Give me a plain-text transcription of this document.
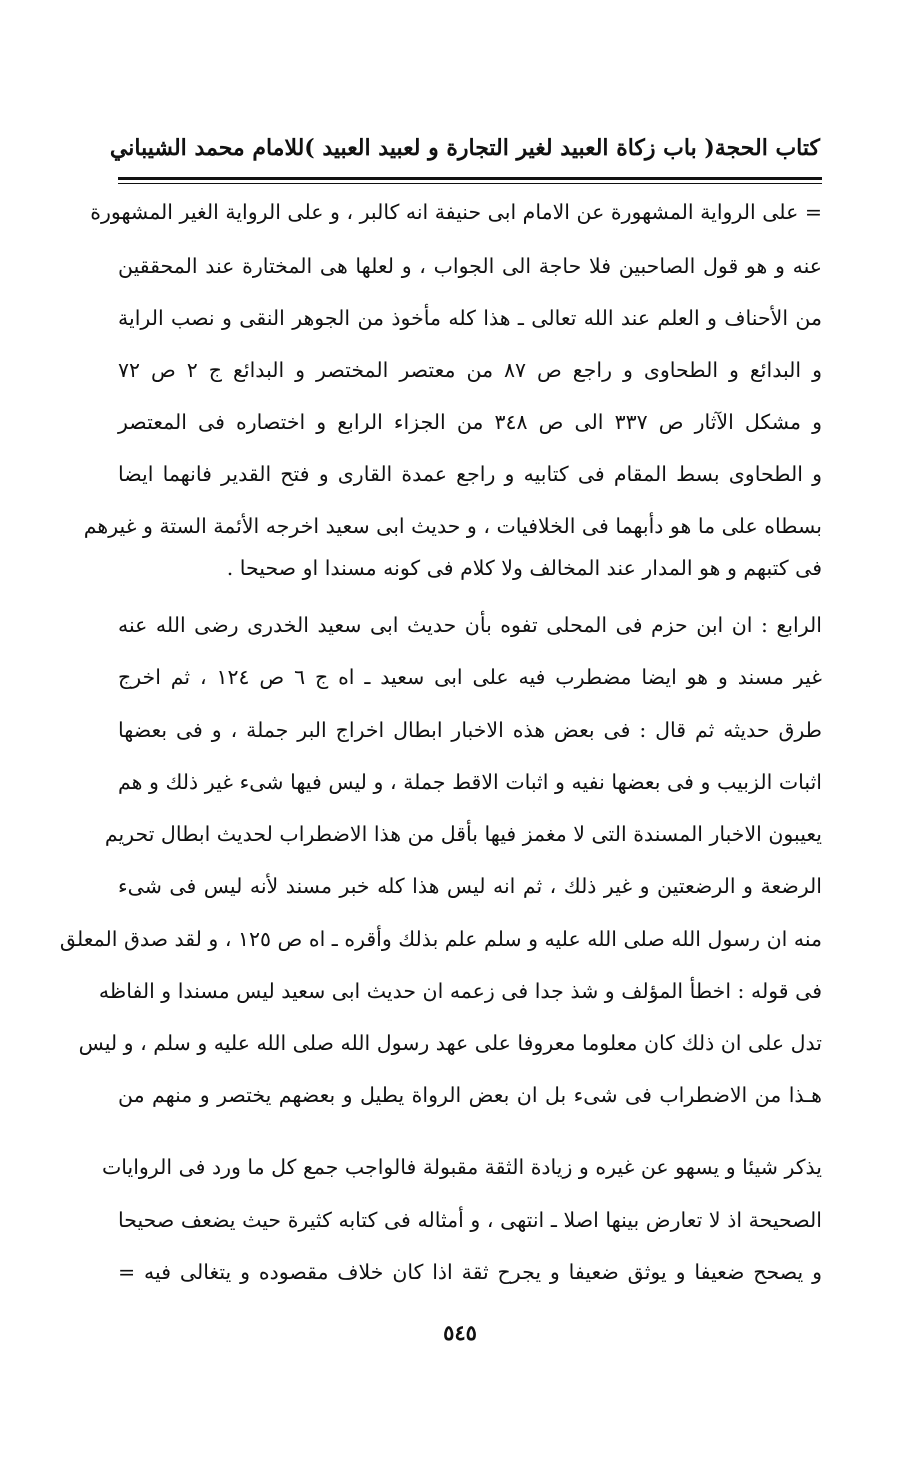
كتاب الحجة
( باب زكاة العبيد لغير التجارة و لعبيد العبيد )
للامام محمد الشيباني
= على الرواية المشهورة عن الامام ابى حنيفة انه كالبر ، و على الرواية الغير المشهورة
عنه و هو قول الصاحبين فلا حاجة الى الجواب ، و لعلها هى المختارة عند المحققين
من الأحناف و العلم عند الله تعالى ـ هذا كله مأخوذ من الجوهر النقى و نصب الراية
و البدائع و الطحاوى و راجع ص ٨٧ من معتصر المختصر و البدائع ج ٢ ص ٧٢
و مشكل الآثار ص ٣٣٧ الى ص ٣٤٨ من الجزاء الرابع و اختصاره فى المعتصر
و الطحاوى بسط المقام فى كتابيه و راجع عمدة القارى و فتح القدير فانهما ايضا
بسطاه على ما هو دأبهما فى الخلافيات ، و حديث ابى سعيد اخرجه الأئمة الستة و غيرهم
فى كتبهم و هو المدار عند المخالف ولا كلام فى كونه مسندا او صحيحا .
الرابع : ان ابن حزم فى المحلى تفوه بأن حديث ابى سعيد الخدرى رضى الله عنه
غير مسند و هو ايضا مضطرب فيه على ابى سعيد ـ اه ج ٦ ص ١٢٤ ، ثم اخرج
طرق حديثه ثم قال : فى بعض هذه الاخبار ابطال اخراج البر جملة ، و فى بعضها
اثبات الزبيب و فى بعضها نفيه و اثبات الاقط جملة ، و ليس فيها شىء غير ذلك و هم
يعيبون الاخبار المسندة التى لا مغمز فيها بأقل من هذا الاضطراب لحديث ابطال تحريم
الرضعة و الرضعتين و غير ذلك ، ثم انه ليس هذا كله خبر مسند لأنه ليس فى شىء
منه ان رسول الله صلى الله عليه و سلم علم بذلك وأقره ـ اه ص ١٢٥ ، و لقد صدق المعلق
فى قوله : اخطأ المؤلف و شذ جدا فى زعمه ان حديث ابى سعيد ليس مسندا و الفاظه
تدل على ان ذلك كان معلوما معروفا على عهد رسول الله صلى الله عليه و سلم ، و ليس
هـذا من الاضطراب فى شىء بل ان بعض الرواة يطيل و بعضهم يختصر و منهم من
يذكر شيئا و يسهو عن غيره و زيادة الثقة مقبولة فالواجب جمع كل ما ورد فى الروايات
الصحيحة اذ لا تعارض بينها اصلا ـ انتهى ، و أمثاله فى كتابه كثيرة حيث يضعف صحيحا
و يصحح ضعيفا و يوثق ضعيفا و يجرح ثقة اذا كان خلاف مقصوده و يتغالى فيه =
٥٤٥
